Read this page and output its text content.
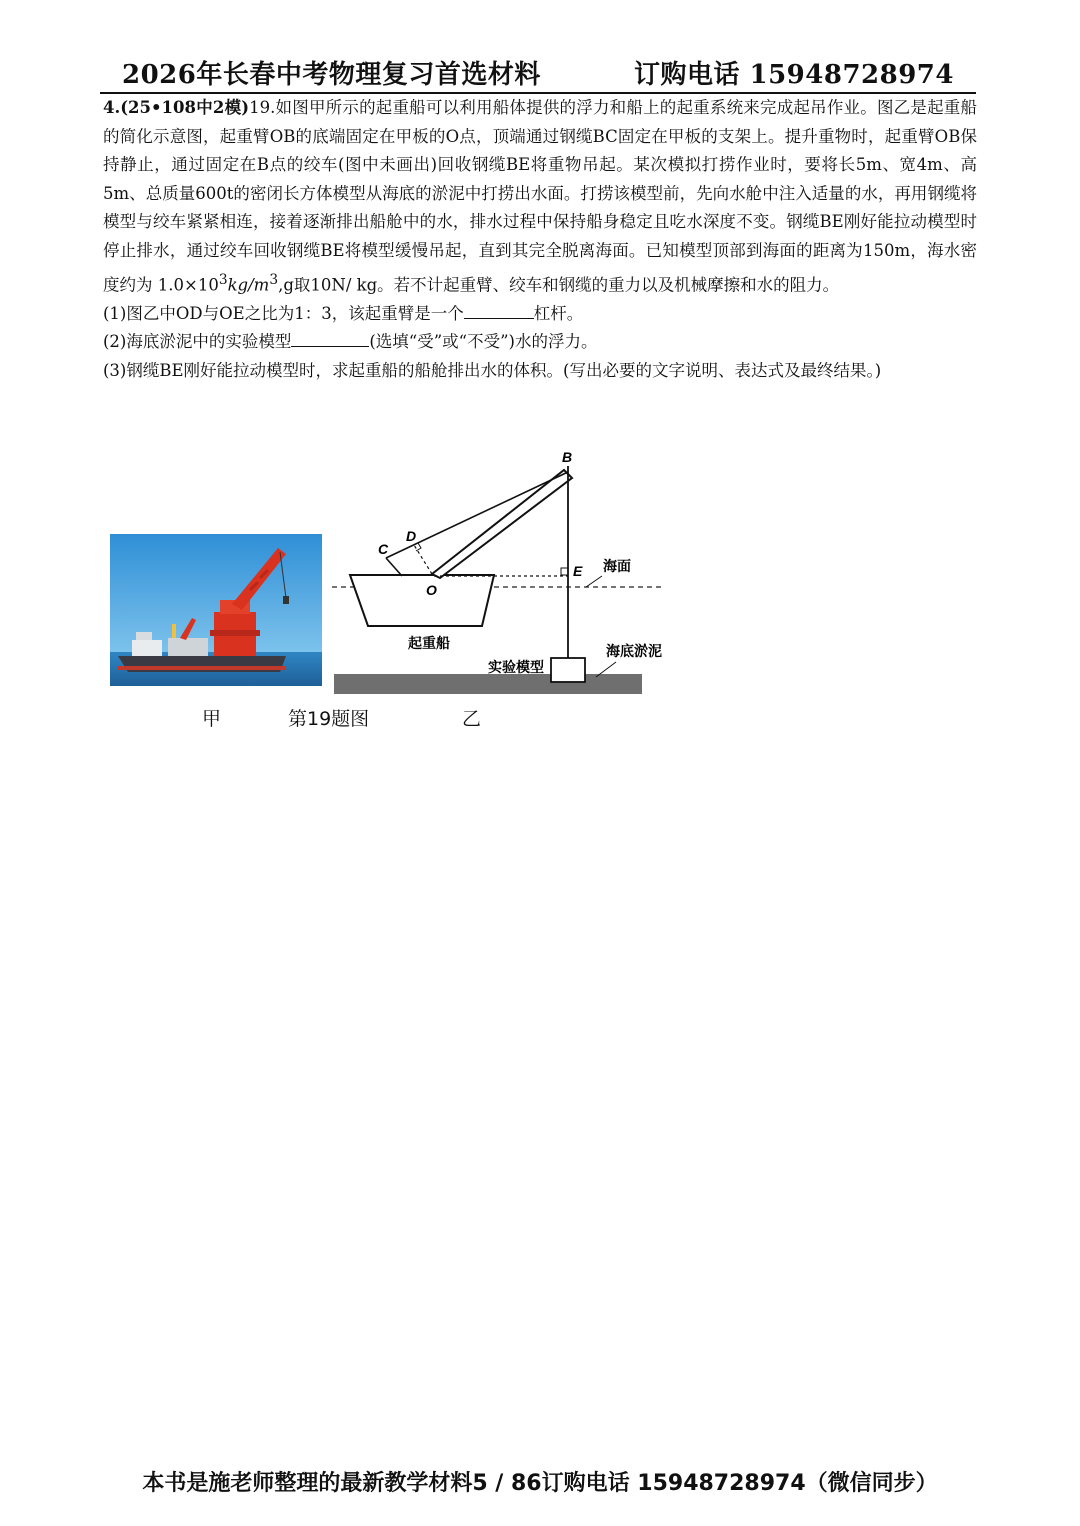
2026年长春中考物理复习首选材料	订购电话 15948728974

4.(25•108中2模)19.如图甲所示的起重船可以利用船体提供的浮力和船上的起重系统来完成起吊作业。图乙是起重船的简化示意图，起重臂OB的底端固定在甲板的O点，顶端通过钢缆BC固定在甲板的支架上。提升重物时，起重臂OB保持静止，通过固定在B点的绞车(图中未画出)回收钢缆BE将重物吊起。某次模拟打捞作业时，要将长5m、宽4m、高5m、总质量600t的密闭长方体模型从海底的淤泥中打捞出水面。打捞该模型前，先向水舱中注入适量的水，再用钢缆将模型与绞车紧紧相连，接着逐渐排出船舱中的水，排水过程中保持船身稳定且吃水深度不变。钢缆BE刚好能拉动模型时停止排水，通过绞车回收钢缆BE将模型缓慢吊起，直到其完全脱离海面。已知模型顶部到海面的距离为150m，海水密度约为 $1.0\times 10^3kg/m^3,g$取10N/ kg。若不计起重臂、绞车和钢缆的重力以及机械摩擦和水的阻力。

(1)图乙中OD与OE之比为1：3，该起重臂是一个	杠杆。

(2)海底淤泥中的实验模型	(选填“受”或“不受”)水的浮力。

(3)钢缆BE刚好能拉动模型时，求起重船的船舱排出水的体积。(写出必要的文字说明、表达式及最终结果。)

B
C
D
E
O
海面
起重船
实验模型
海底淤泥
甲	第19题图	乙
本书是施老师整理的最新教学材料5 / 86订购电话 15948728974（微信同步）
